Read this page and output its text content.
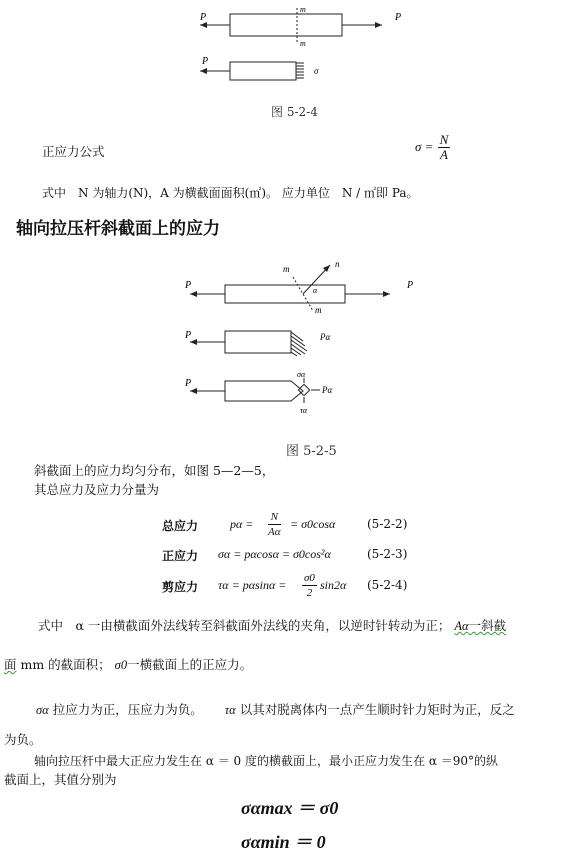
P	P
m
m
P
σ
图 5-2-4
正应力公式	$\sigma = \frac{N}{A}$
式中　N 为轴力(N)，A 为横截面面积(㎡)。 应力单位　N / ㎡即 Pa。
轴向拉压杆斜截面上的应力
P	P
m
m
n
α
P	Pα
P
σα
Pα
τα
图 5-2-5
斜截面上的应力均匀分布，如图 5—2—5，
其总应力及应力分量为
总应力	$p\alpha = \frac{N}{A\alpha} = \sigma 0\cos\alpha$	(5-2-2)
正应力 σα = pαcosα = σ0cos²α	(5-2-3)
剪应力 $\tau\alpha = p\alpha\sin\alpha = \frac{\sigma 0}{2} \sin 2\alpha$ (5-2-4)
式中　α 一由横截面外法线转至斜截面外法线的夹角，以逆时针转动为正； Aα一斜截
面 mm 的截面积； σ0一横截面上的正应力。
σα 拉应力为正，压应力为负。 τα 以其对脱离体内一点产生顺时针力矩时为正，反之
为负。
轴向拉压杆中最大正应力发生在 α ＝ 0 度的横截面上，最小正应力发生在 α ＝90°的纵
截面上，其值分别为
σαmax ＝ σ0
σαmin ＝ 0
